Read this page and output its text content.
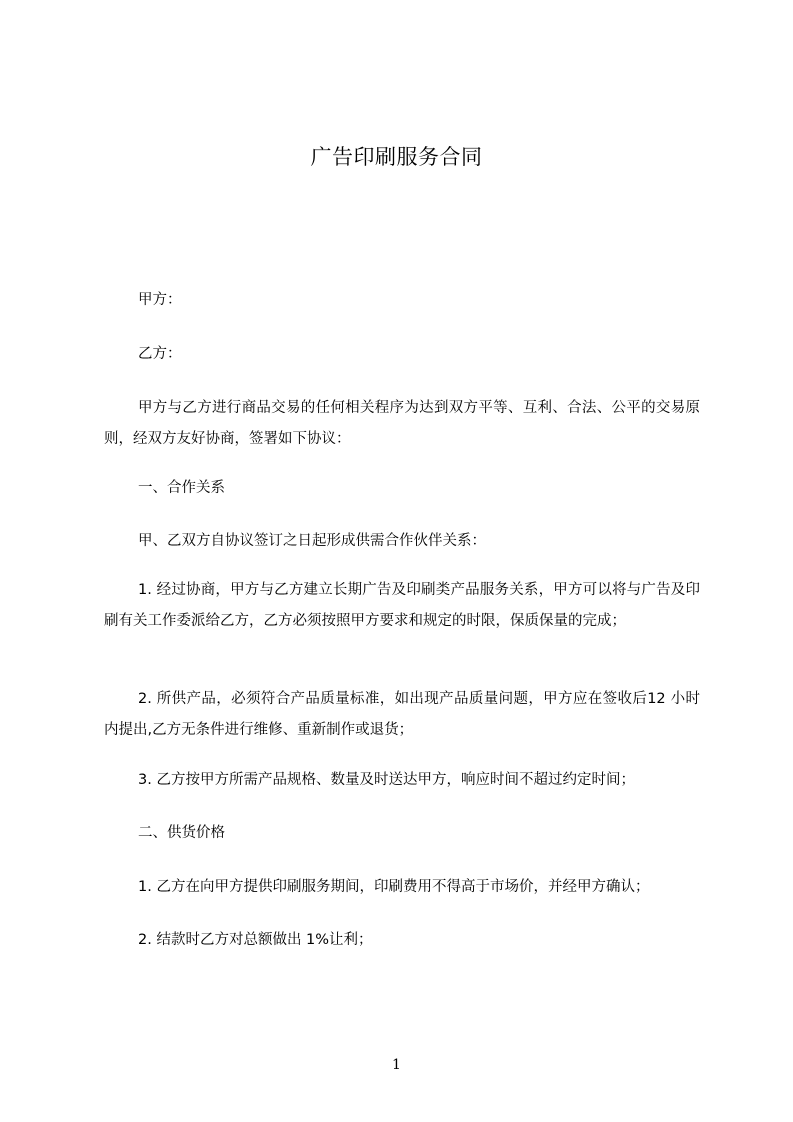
广告印刷服务合同
甲方：
乙方：
甲方与乙方进行商品交易的任何相关程序为达到双方平等、互利、合法、公平的交易原则，经双方友好协商，签署如下协议：
一、合作关系
甲、乙双方自协议签订之日起形成供需合作伙伴关系：
1. 经过协商，甲方与乙方建立长期广告及印刷类产品服务关系，甲方可以将与广告及印刷有关工作委派给乙方，乙方必须按照甲方要求和规定的时限，保质保量的完成；
2. 所供产品，必须符合产品质量标准，如出现产品质量问题，甲方应在签收后12 小时内提出,乙方无条件进行维修、重新制作或退货；
3. 乙方按甲方所需产品规格、数量及时送达甲方，响应时间不超过约定时间；
二、供货价格
1. 乙方在向甲方提供印刷服务期间，印刷费用不得高于市场价，并经甲方确认；
2. 结款时乙方对总额做出 1%让利；
1
